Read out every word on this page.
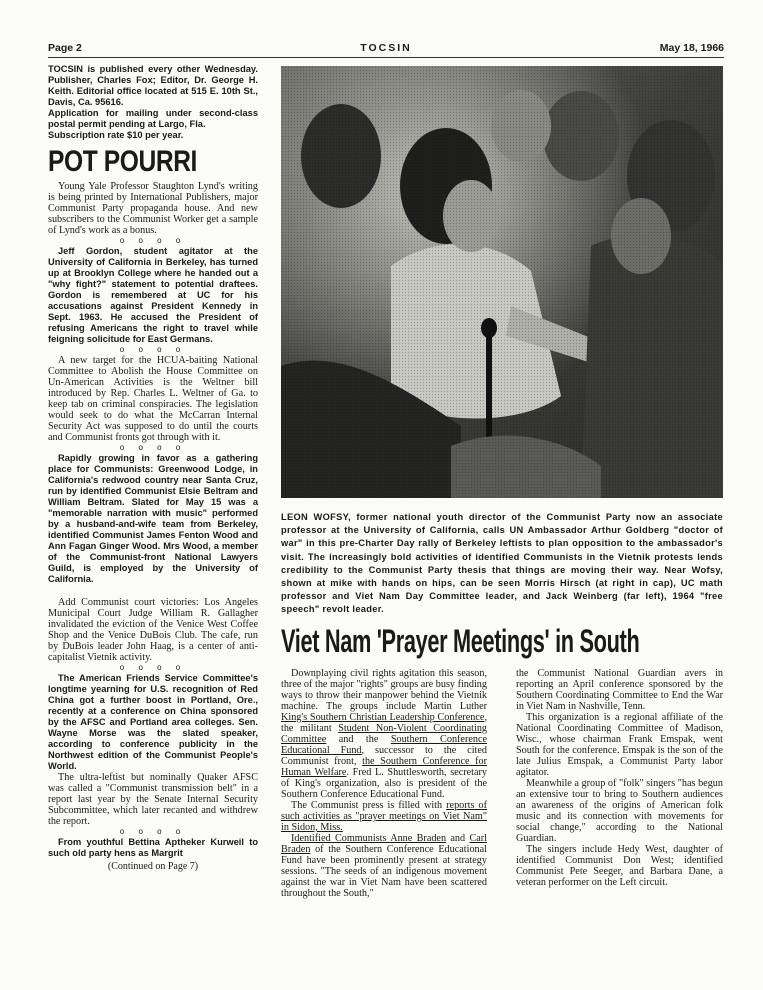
Page 2	TOCSIN	May 18, 1966

TOCSIN is published every other Wednesday. Publisher, Charles Fox; Editor, Dr. George H. Keith. Editorial office located at 515 E. 10th St., Davis, Ca. 95616.

Application for mailing under second-class postal permit pending at Largo, Fla.

Subscription rate $10 per year.

POT POURRI

Young Yale Professor Staughton Lynd's writing is being printed by International Publishers, major Communist Party propaganda house. And new subscribers to the Communist Worker get a sample of Lynd's work as a bonus.

o o o o

Jeff Gordon, student agitator at the University of California in Berkeley, has turned up at Brooklyn College where he handed out a "why fight?" statement to potential draftees. Gordon is remembered at UC for his accusations against President Kennedy in Sept. 1963. He accused the President of refusing Americans the right to travel while feigning solicitude for East Germans.

o o o o

A new target for the HCUA-baiting National Committee to Abolish the House Committee on Un-American Activities is the Weltner bill introduced by Rep. Charles L. Weltner of Ga. to keep tab on criminal conspiracies. The legislation would seek to do what the McCarran Internal Security Act was supposed to do until the courts and Communist fronts got through with it.

o o o o

Rapidly growing in favor as a gathering place for Communists: Greenwood Lodge, in California's redwood country near Santa Cruz, run by identified Communist Elsie Beltram and William Beltram. Slated for May 15 was a "memorable narration with music" performed by a husband-and-wife team from Berkeley, identified Communist James Fenton Wood and Ann Fagan Ginger Wood. Mrs Wood, a member of the Communist-front National Lawyers Guild, is employed by the University of California.

Add Communist court victories: Los Angeles Municipal Court Judge William R. Gallagher invalidated the eviction of the Venice West Coffee Shop and the Venice DuBois Club. The cafe, run by DuBois leader John Haag, is a center of anti-capitalist Vietnik activity.

o o o o

The American Friends Service Committee's longtime yearning for U.S. recognition of Red China got a further boost in Portland, Ore., recently at a conference on China sponsored by the AFSC and Portland area colleges. Sen. Wayne Morse was the slated speaker, according to conference publicity in the Northwest edition of the Communist People's World.

The ultra-leftist but nominally Quaker AFSC was called a "Communist transmission belt" in a report last year by the Senate Internal Security Subcommittee, which later recanted and withdrew the report.

o o o o

From youthful Bettina Aptheker Kurweil to such old party hens as Margrit

(Continued on Page 7)

LEON WOFSY, former national youth director of the Communist Party now an associate professor at the University of California, calls UN Ambassador Arthur Goldberg "doctor of war" in this pre-Charter Day rally of Berkeley leftists to plan opposition to the ambassador's visit. The increasingly bold activities of identified Communists in the Vietnik protests lends credibility to the Communist Party thesis that things are moving their way. Near Wofsy, shown at mike with hands on hips, can be seen Morris Hirsch (at right in cap), UC math professor and Viet Nam Day Committee leader, and Jack Weinberg (far left), 1964 "free speech" revolt leader.

Viet Nam 'Prayer Meetings' in South

Downplaying civil rights agitation this season, three of the major "rights" groups are busy finding ways to throw their manpower behind the Vietnik machine. The groups include Martin Luther King's Southern Christian Leadership Conference, the militant Student Non-Violent Coordinating Committee and the Southern Conference Educational Fund, successor to the cited Communist front, the Southern Conference for Human Welfare. Fred L. Shuttlesworth, secretary of King's organization, also is president of the Southern Conference Educational Fund.

The Communist press is filled with reports of such activities as "prayer meetings on Viet Nam" in Sidon, Miss.

Identified Communists Anne Braden and Carl Braden of the Southern Conference Educational Fund have been prominently present at strategy sessions. "The seeds of an indigenous movement against the war in Viet Nam have been scattered throughout the South,"

the Communist National Guardian avers in reporting an April conference sponsored by the Southern Coordinating Committee to End the War in Viet Nam in Nashville, Tenn.

This organization is a regional affiliate of the National Coordinating Committee of Madison, Wisc., whose chairman Frank Emspak, went South for the conference. Emspak is the son of the late Julius Emspak, a Communist Party labor agitator.

Meanwhile a group of "folk" singers "has begun an extensive tour to bring to Southern audiences an awareness of the origins of American folk music and its connection with movements for social change," according to the National Guardian.

The singers include Hedy West, daughter of identified Communist Don West; identified Communist Pete Seeger, and Barbara Dane, a veteran performer on the Left circuit.
